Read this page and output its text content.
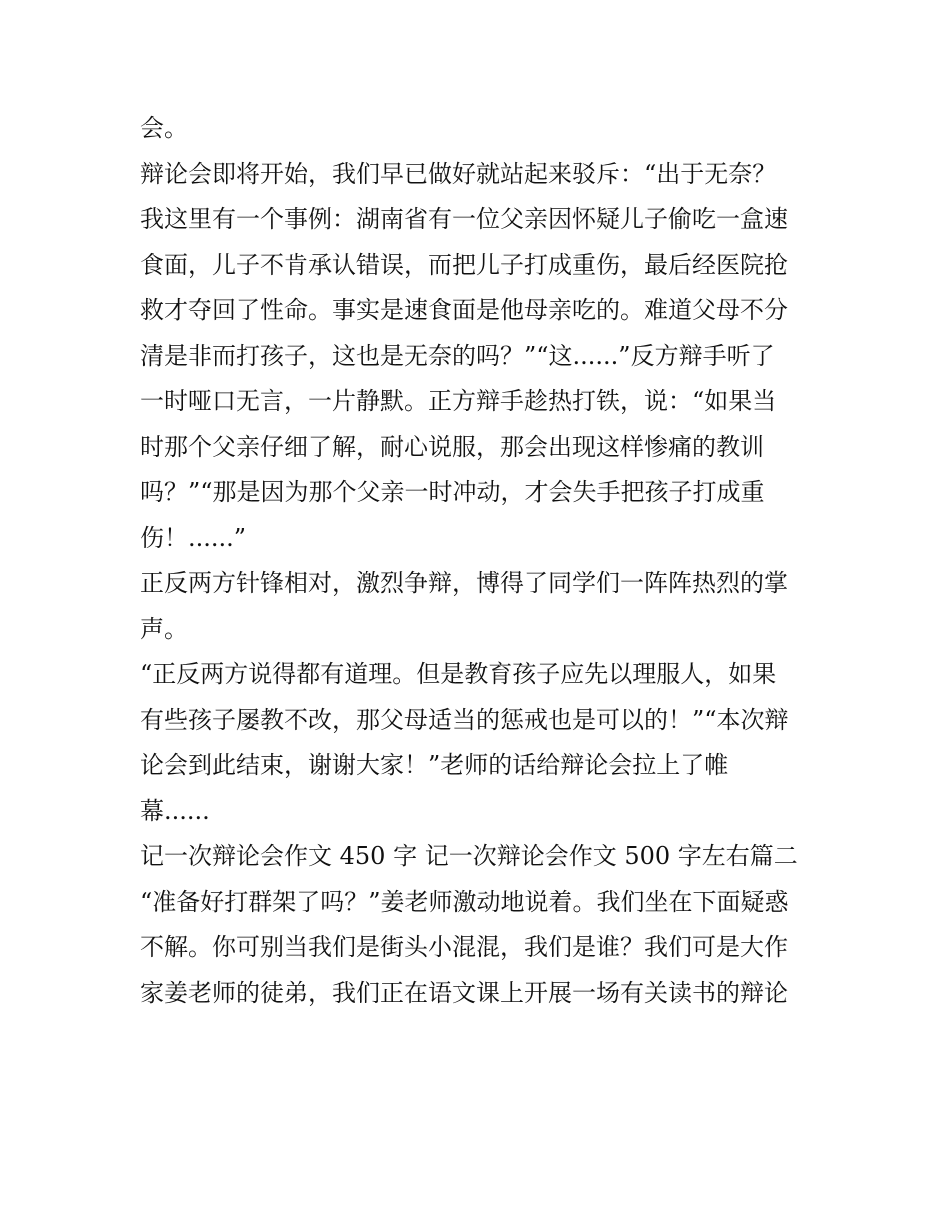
会。
辩论会即将开始，我们早已做好就站起来驳斥：“出于无奈？
我这里有一个事例：湖南省有一位父亲因怀疑儿子偷吃一盒速
食面，儿子不肯承认错误，而把儿子打成重伤，最后经医院抢
救才夺回了性命。事实是速食面是他母亲吃的。难道父母不分
清是非而打孩子，这也是无奈的吗？”“这......”反方辩手听了
一时哑口无言，一片静默。正方辩手趁热打铁，说：“如果当
时那个父亲仔细了解，耐心说服，那会出现这样惨痛的教训
吗？”“那是因为那个父亲一时冲动，才会失手把孩子打成重
伤！......”
正反两方针锋相对，激烈争辩，博得了同学们一阵阵热烈的掌
声。
“正反两方说得都有道理。但是教育孩子应先以理服人，如果
有些孩子屡教不改，那父母适当的惩戒也是可以的！”“本次辩
论会到此结束，谢谢大家！”老师的话给辩论会拉上了帷
幕......
记一次辩论会作文 450 字 记一次辩论会作文 500 字左右篇二
“准备好打群架了吗？”姜老师激动地说着。我们坐在下面疑惑
不解。你可别当我们是街头小混混，我们是谁？我们可是大作
家姜老师的徒弟，我们正在语文课上开展一场有关读书的辩论
